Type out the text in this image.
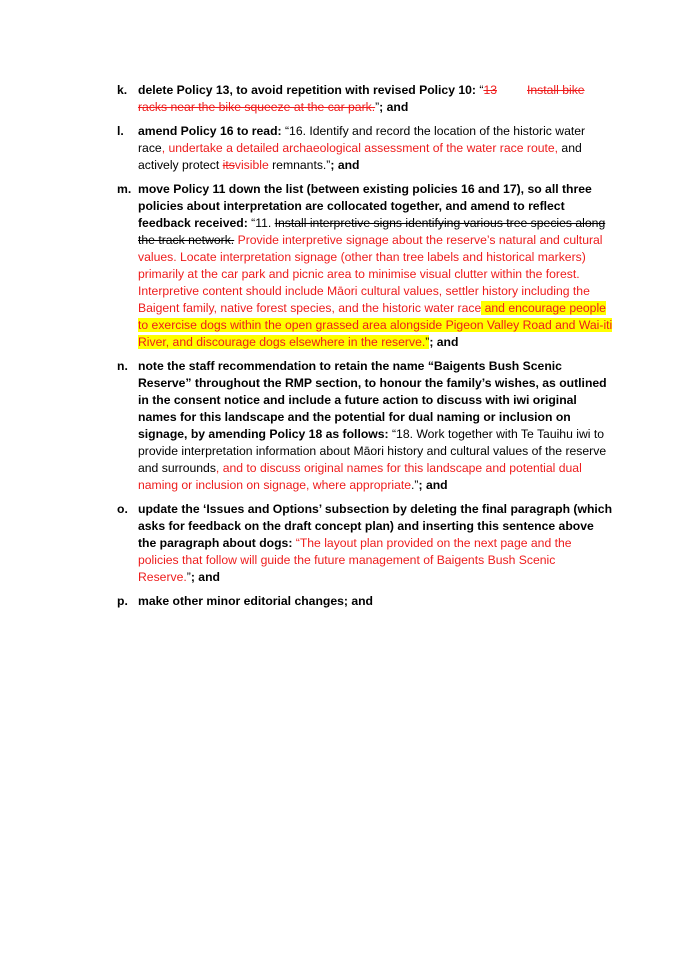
k. delete Policy 13, to avoid repetition with revised Policy 10: “13 Install bike racks near the bike squeeze at the car park.”; and
l. amend Policy 16 to read: “16. Identify and record the location of the historic water race, undertake a detailed archaeological assessment of the water race route, and actively protect itsvisible remnants.”; and
m. move Policy 11 down the list (between existing policies 16 and 17), so all three policies about interpretation are collocated together, and amend to reflect feedback received: “11. Install interpretive signs identifying various tree species along the track network. Provide interpretive signage about the reserve’s natural and cultural values. Locate interpretation signage (other than tree labels and historical markers) primarily at the car park and picnic area to minimise visual clutter within the forest. Interpretive content should include Māori cultural values, settler history including the Baigent family, native forest species, and the historic water race and encourage people to exercise dogs within the open grassed area alongside Pigeon Valley Road and Wai-iti River, and discourage dogs elsewhere in the reserve.”; and
n. note the staff recommendation to retain the name “Baigents Bush Scenic Reserve” throughout the RMP section, to honour the family’s wishes, as outlined in the consent notice and include a future action to discuss with iwi original names for this landscape and the potential for dual naming or inclusion on signage, by amending Policy 18 as follows: “18. Work together with Te Tauihu iwi to provide interpretation information about Māori history and cultural values of the reserve and surrounds, and to discuss original names for this landscape and potential dual naming or inclusion on signage, where appropriate.”; and
o. update the ‘Issues and Options’ subsection by deleting the final paragraph (which asks for feedback on the draft concept plan) and inserting this sentence above the paragraph about dogs: “The layout plan provided on the next page and the policies that follow will guide the future management of Baigents Bush Scenic Reserve.”; and
p. make other minor editorial changes; and
